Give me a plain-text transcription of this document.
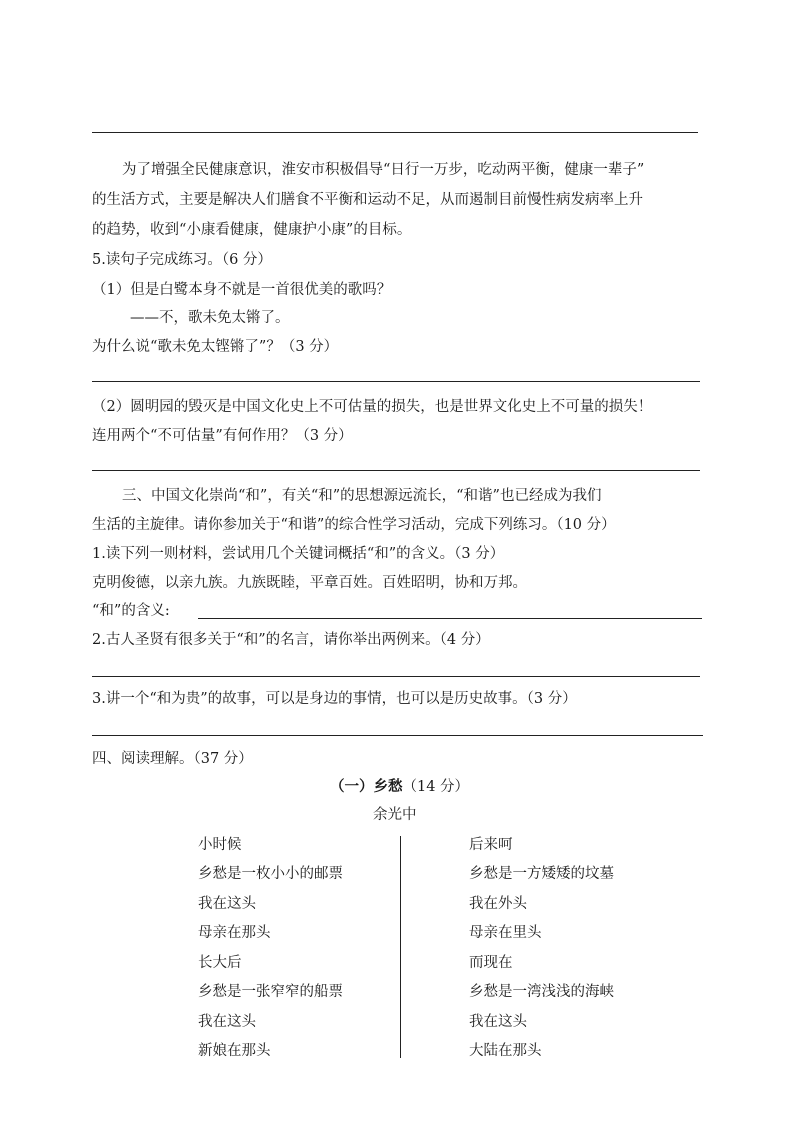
为了增强全民健康意识，淮安市积极倡导“日行一万步，吃动两平衡，健康一辈子”
的生活方式，主要是解决人们膳食不平衡和运动不足，从而遏制目前慢性病发病率上升
的趋势，收到“小康看健康，健康护小康”的目标。
5.读句子完成练习。（6 分）
（1）但是白鹭本身不就是一首很优美的歌吗？
——不，歌未免太锵了。
为什么说“歌未免太铿锵了”？（3 分）
（2）圆明园的毁灭是中国文化史上不可估量的损失，也是世界文化史上不可量的损失！
连用两个“不可估量”有何作用？（3 分）
三、中国文化崇尚“和”，有关“和”的思想源远流长，“和谐”也已经成为我们
生活的主旋律。请你参加关于“和谐”的综合性学习活动，完成下列练习。（10 分）
1.读下列一则材料，尝试用几个关键词概括“和”的含义。（3 分）
克明俊德，以亲九族。九族既睦，平章百姓。百姓昭明，协和万邦。
“和”的含义:
2.古人圣贤有很多关于“和”的名言，请你举出两例来。（4 分）
3.讲一个“和为贵”的故事，可以是身边的事情，也可以是历史故事。（3 分）
四、阅读理解。（37 分）
（一）乡愁（14 分）
余光中
小时候
乡愁是一枚小小的邮票
我在这头
母亲在那头
长大后
乡愁是一张窄窄的船票
我在这头
新娘在那头
后来呵
乡愁是一方矮矮的坟墓
我在外头
母亲在里头
而现在
乡愁是一湾浅浅的海峡
我在这头
大陆在那头
